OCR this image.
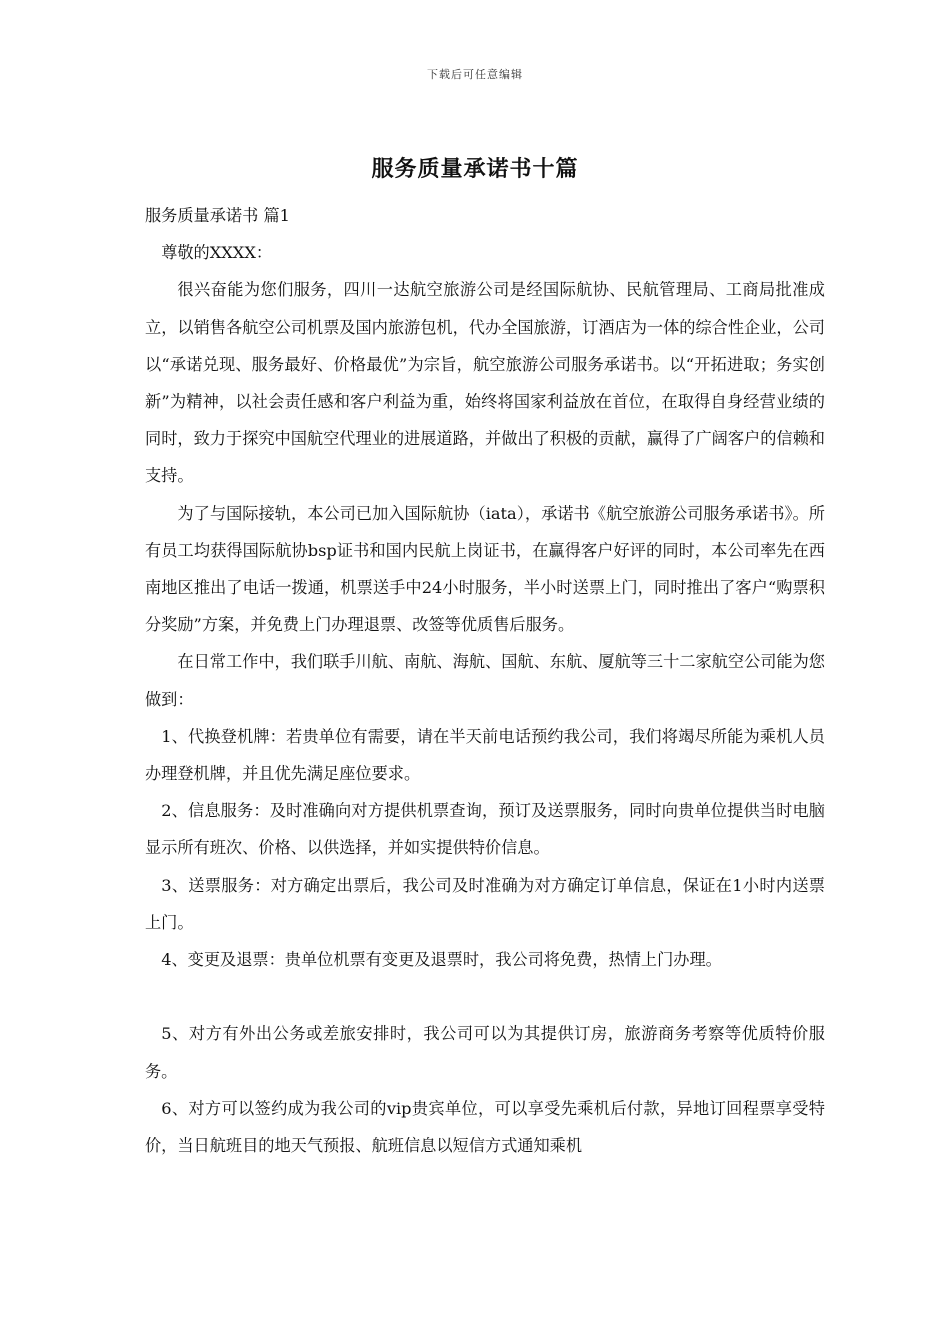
下载后可任意编辑
服务质量承诺书十篇

服务质量承诺书 篇1

尊敬的XXXX：

很兴奋能为您们服务，四川一达航空旅游公司是经国际航协、民航管理局、工商局批准成立，以销售各航空公司机票及国内旅游包机，代办全国旅游，订酒店为一体的综合性企业，公司以“承诺兑现、服务最好、价格最优”为宗旨，航空旅游公司服务承诺书。以“开拓进取；务实创新”为精神，以社会责任感和客户利益为重，始终将国家利益放在首位，在取得自身经营业绩的同时，致力于探究中国航空代理业的进展道路，并做出了积极的贡献，赢得了广阔客户的信赖和支持。

为了与国际接轨，本公司已加入国际航协（iata），承诺书《航空旅游公司服务承诺书》。所有员工均获得国际航协bsp证书和国内民航上岗证书，在赢得客户好评的同时，本公司率先在西南地区推出了电话一拨通，机票送手中24小时服务，半小时送票上门，同时推出了客户“购票积分奖励”方案，并免费上门办理退票、改签等优质售后服务。

在日常工作中，我们联手川航、南航、海航、国航、东航、厦航等三十二家航空公司能为您做到：

1、代换登机牌：若贵单位有需要，请在半天前电话预约我公司，我们将竭尽所能为乘机人员办理登机牌，并且优先满足座位要求。

2、信息服务：及时准确向对方提供机票查询，预订及送票服务，同时向贵单位提供当时电脑显示所有班次、价格、以供选择，并如实提供特价信息。

3、送票服务：对方确定出票后，我公司及时准确为对方确定订单信息，保证在1小时内送票上门。

4、变更及退票：贵单位机票有变更及退票时，我公司将免费，热情上门办理。

5、对方有外出公务或差旅安排时，我公司可以为其提供订房，旅游商务考察等优质特价服务。

6、对方可以签约成为我公司的vip贵宾单位，可以享受先乘机后付款，异地订回程票享受特价，当日航班目的地天气预报、航班信息以短信方式通知乘机
